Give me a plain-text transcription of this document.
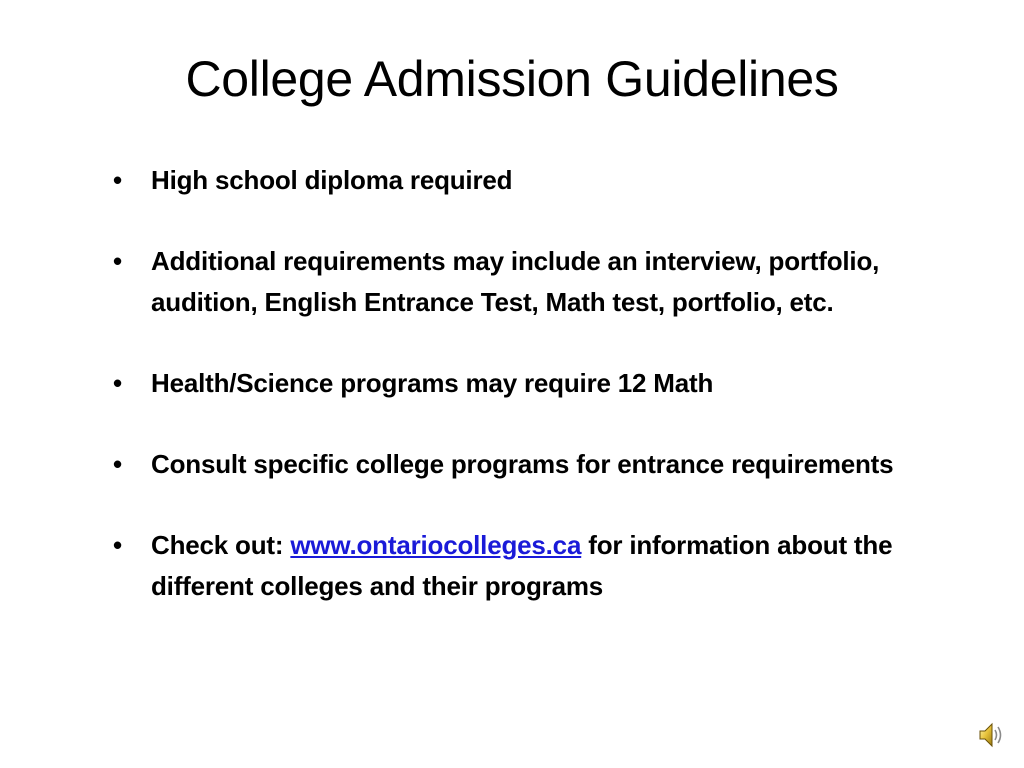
College Admission Guidelines
•	High school diploma required
•	Additional requirements may include an interview, portfolio, audition, English Entrance Test, Math test, portfolio, etc.
•	Health/Science programs may require 12 Math
•	Consult specific college programs for entrance requirements
•	Check out: www.ontariocolleges.ca for information about the different colleges and their programs
